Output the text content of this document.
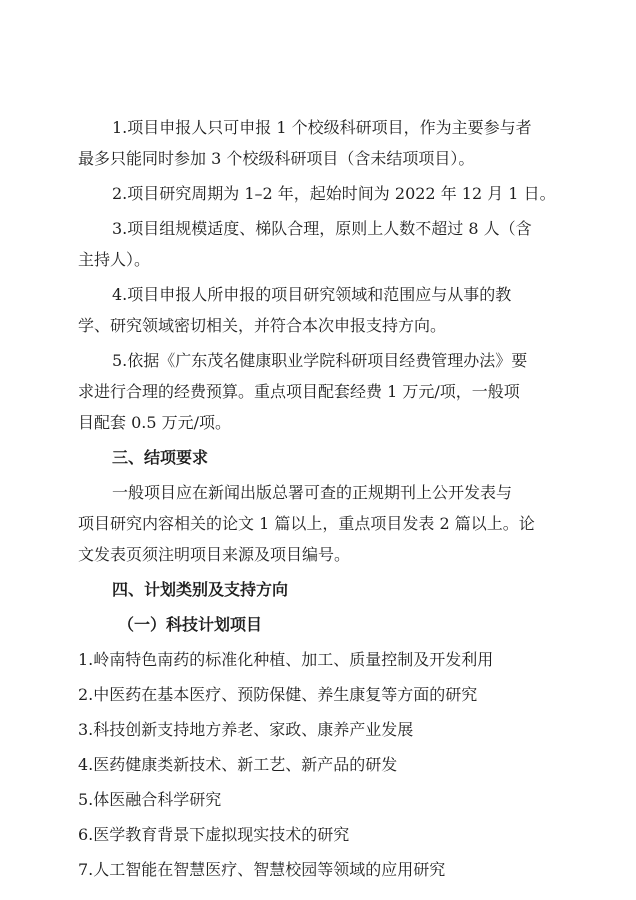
1.项目申报人只可申报 1 个校级科研项目，作为主要参与者
最多只能同时参加 3 个校级科研项目（含未结项项目）。
2.项目研究周期为 1–2 年，起始时间为 2022 年 12 月 1 日。
3.项目组规模适度、梯队合理，原则上人数不超过 8 人（含
主持人）。
4.项目申报人所申报的项目研究领域和范围应与从事的教
学、研究领域密切相关，并符合本次申报支持方向。
5.依据《广东茂名健康职业学院科研项目经费管理办法》要
求进行合理的经费预算。重点项目配套经费 1 万元/项，一般项
目配套 0.5 万元/项。
三、结项要求
一般项目应在新闻出版总署可查的正规期刊上公开发表与
项目研究内容相关的论文 1 篇以上，重点项目发表 2 篇以上。论
文发表页须注明项目来源及项目编号。
四、计划类别及支持方向
（一）科技计划项目

1.岭南特色南药的标准化种植、加工、质量控制及开发利用

2.中医药在基本医疗、预防保健、养生康复等方面的研究

3.科技创新支持地方养老、家政、康养产业发展

4.医药健康类新技术、新工艺、新产品的研发

5.体医融合科学研究

6.医学教育背景下虚拟现实技术的研究

7.人工智能在智慧医疗、智慧校园等领域的应用研究
